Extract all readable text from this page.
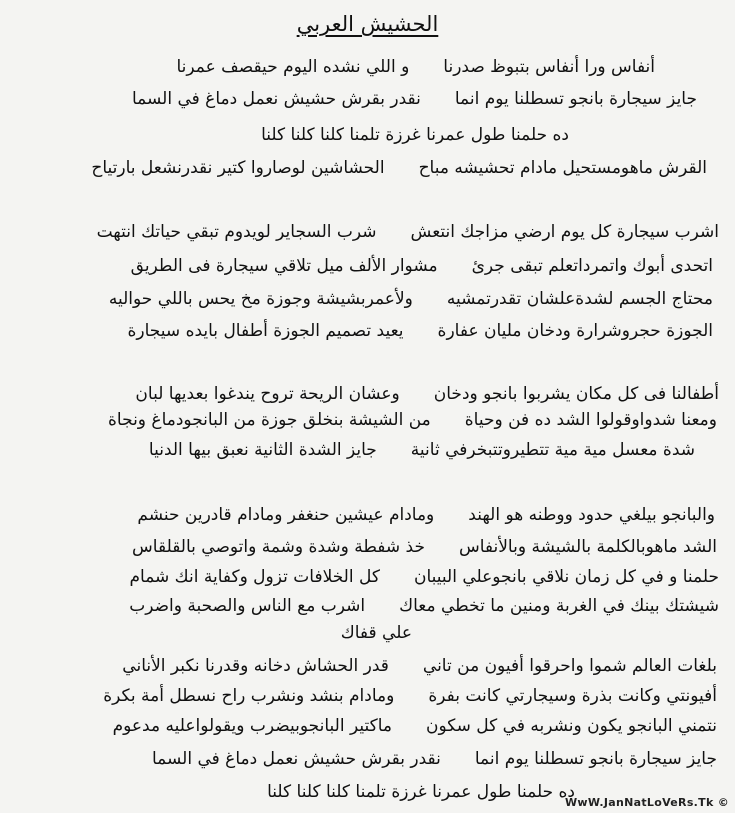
الحشيش العربي
أنفاس ورا أنفاس بتبوظ صدرناو اللي نشده اليوم حيقصف عمرنا
جايز سيجارة بانجو تسطلنا يوم انمانقدر بقرش حشيش نعمل دماغ في السما
ده حلمنا طول عمرنا غرزة تلمنا كلنا كلنا كلنا
القرش ماهومستحيل مادام تحشيشه مباحالحشاشين لوصاروا كتير نقدرنشعل بارتياح
اشرب سيجارة كل يوم ارضي مزاجك انتعششرب السجاير لويدوم تبقي حياتك انتهت
اتحدى أبوك واتمرداتعلم تبقى جرئمشوار الألف ميل تلاقي سيجارة فى الطريق
محتاج الجسم لشدةعلشان تقدرتمشيهولأعمربشيشة وجوزة مخ يحس باللي حواليه
الجوزة حجروشرارة ودخان مليان عفارةيعيد تصميم الجوزة أطفال بايده سيجارة
أطفالنا فى كل مكان يشربوا بانجو ودخانوعشان الريحة تروح يندغوا بعديها لبان
ومعنا شدواوقولوا الشد ده فن وحياةمن الشيشة بنخلق جوزة من البانجودماغ ونجاة
شدة معسل مية مية تتطيروتتبخرفي ثانيةجايز الشدة الثانية نعبق بيها الدنيا
والبانجو بيلغي حدود ووطنه هو الهندومادام عيشين حنغفر ومادام قادرين حنشم
الشد ماهوبالكلمة بالشيشة وبالأنفاسخذ شفطة وشدة وشمة واتوصي بالقلقاس
حلمنا و في كل زمان نلاقي بانجوعلي البيبانكل الخلافات تزول وكفاية انك شمام
شيشتك بينك في الغربة ومنين ما تخطي معاكاشرب مع الناس والصحبة واضرب
علي قفاك
بلغات العالم شموا واحرقوا أفيون من تانيقدر الحشاش دخانه وقدرنا نكبر الأناني
أفيونتي وكانت بذرة وسيجارتي كانت بفرةومادام بنشد ونشرب راح نسطل أمة بكرة
نتمني البانجو يكون ونشربه في كل سكونماكتير البانجوبيضرب ويقولواعليه مدعوم
جايز سيجارة بانجو تسطلنا يوم انمانقدر بقرش حشيش نعمل دماغ في السما
ده حلمنا طول عمرنا غرزة تلمنا كلنا كلنا كلنا
WwW.JanNatLoVeRs.Tk ©
